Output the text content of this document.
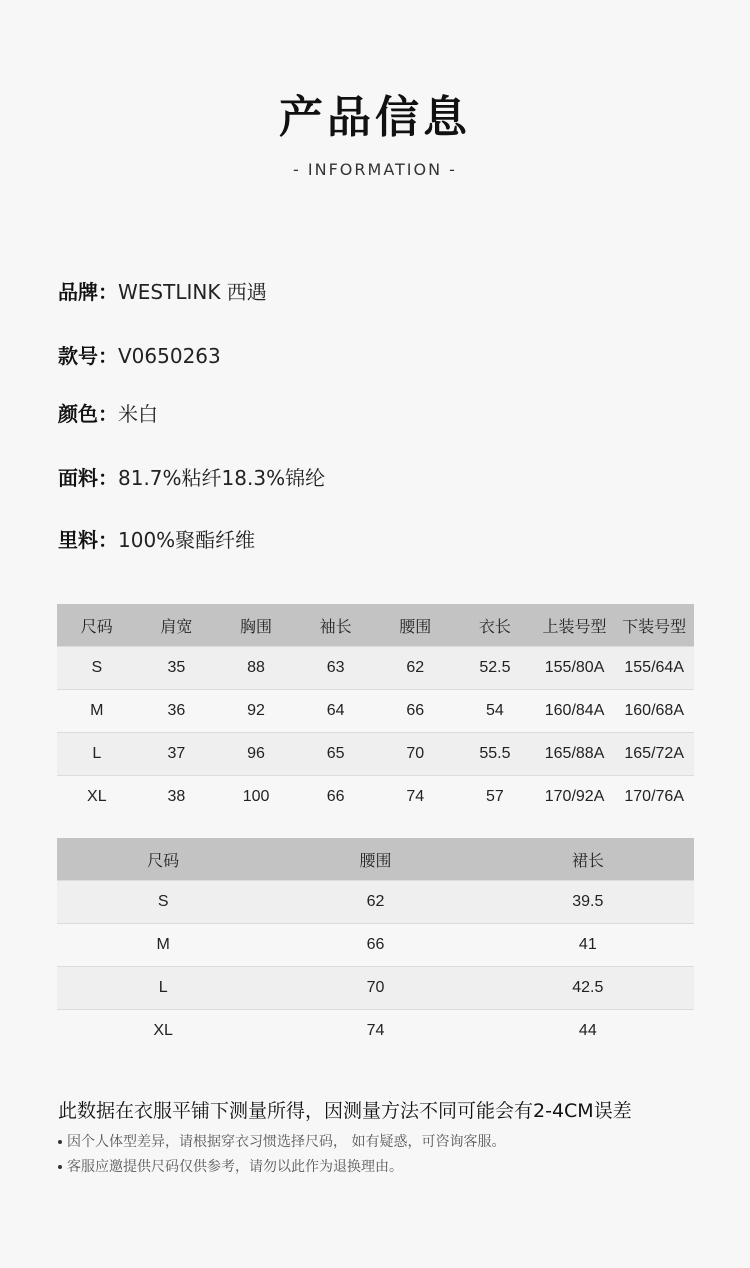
产品信息
- INFORMATION -
品牌：WESTLINK 西遇
款号：V0650263
颜色：米白
面料：81.7%粘纤18.3%锦纶
里料：100%聚酯纤维
尺码	肩宽	胸围	袖长	腰围	衣长	上装号型	下装号型
S	35	88	63	62	52.5	155/80A	155/64A
M	36	92	64	66	54	160/84A	160/68A
L	37	96	65	70	55.5	165/88A	165/72A
XL	38	100	66	74	57	170/92A	170/76A
尺码	腰围	裙长
S	62	39.5
M	66	41
L	70	42.5
XL	74	44
此数据在衣服平铺下测量所得，因测量方法不同可能会有2-4CM误差
因个人体型差异，请根据穿衣习惯选择尺码， 如有疑惑，可咨询客服。
客服应邀提供尺码仅供参考，请勿以此作为退换理由。
